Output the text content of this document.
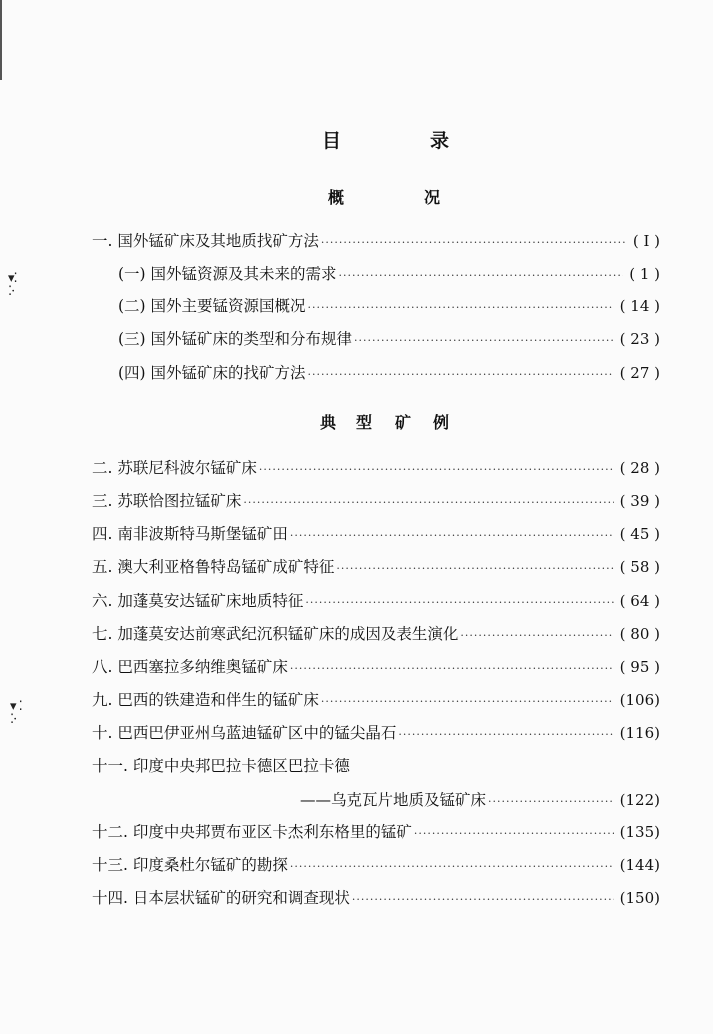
▾⁚
⁚·
▾ ⁚
⁚·
目	录
概	况
典 型 矿 例
一. 国外锰矿床及其地质找矿方法 ·····	( I )
(一) 国外锰资源及其未来的需求 ·····	( 1 )
(二) 国外主要锰资源国概况 ·····	( 14 )
(三) 国外锰矿床的类型和分布规律 ·····	( 23 )
(四) 国外锰矿床的找矿方法 ·····	( 27 )
二. 苏联尼科波尔锰矿床 ·····	( 28 )
三. 苏联恰图拉锰矿床 ·····	( 39 )
四. 南非波斯特马斯堡锰矿田 ·····	( 45 )
五. 澳大利亚格鲁特岛锰矿成矿特征 ·····	( 58 )
六. 加蓬莫安达锰矿床地质特征 ·····	( 64 )
七. 加蓬莫安达前寒武纪沉积锰矿床的成因及表生演化 ·····	( 80 )
八. 巴西塞拉多纳维奥锰矿床 ·····	( 95 )
九. 巴西的铁建造和伴生的锰矿床 ·····	(106)
十. 巴西巴伊亚州乌蓝迪锰矿区中的锰尖晶石 ·····	(116)
十一. 印度中央邦巴拉卡德区巴拉卡德
——乌克瓦片地质及锰矿床 ·····	(122)
十二. 印度中央邦贾布亚区卡杰利东格里的锰矿 ·····	(135)
十三. 印度桑杜尔锰矿的勘探 ·····	(144)
十四. 日本层状锰矿的研究和调查现状 ·····	(150)
